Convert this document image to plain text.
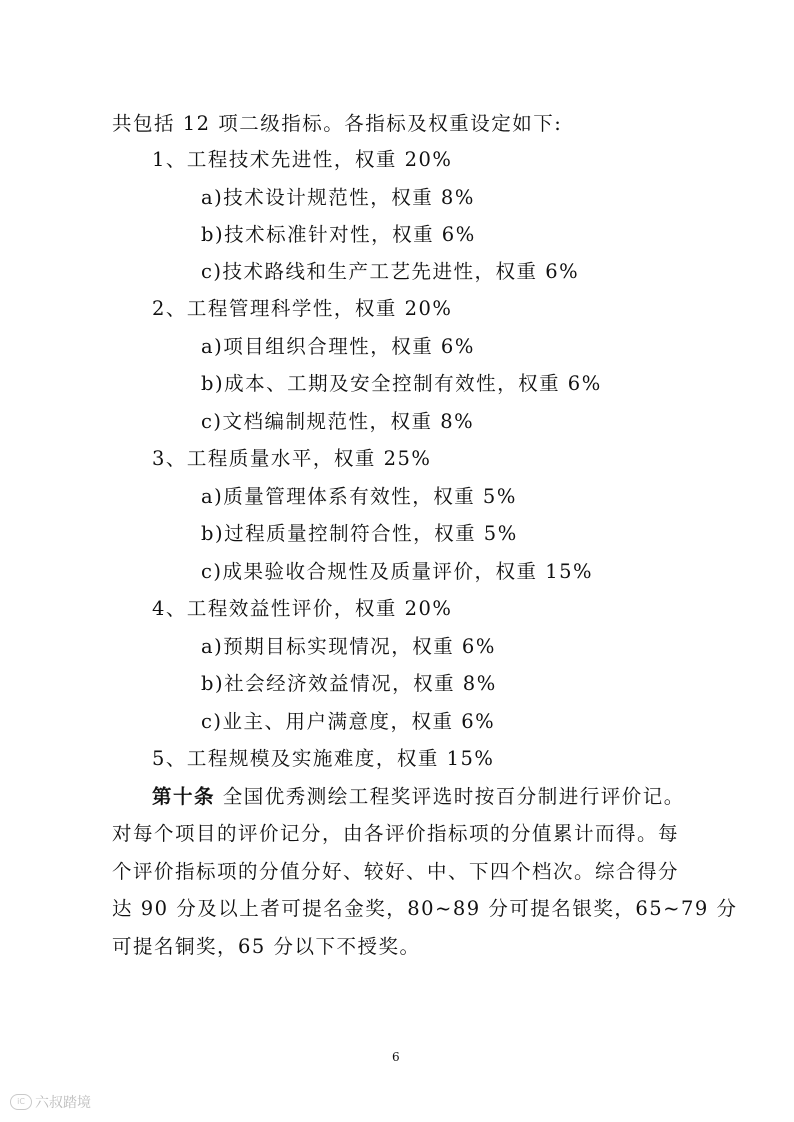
共包括 12 项二级指标。各指标及权重设定如下:
1、工程技术先进性，权重 20%
a)技术设计规范性，权重 8%
b)技术标准针对性，权重 6%
c)技术路线和生产工艺先进性，权重 6%
2、工程管理科学性，权重 20%
a)项目组织合理性，权重 6%
b)成本、工期及安全控制有效性，权重 6%
c)文档编制规范性，权重 8%
3、工程质量水平，权重 25%
a)质量管理体系有效性，权重 5%
b)过程质量控制符合性，权重 5%
c)成果验收合规性及质量评价，权重 15%
4、工程效益性评价，权重 20%
a)预期目标实现情况，权重 6%
b)社会经济效益情况，权重 8%
c)业主、用户满意度，权重 6%
5、工程规模及实施难度，权重 15%
第十条 全国优秀测绘工程奖评选时按百分制进行评价记。
对每个项目的评价记分，由各评价指标项的分值累计而得。每
个评价指标项的分值分好、较好、中、下四个档次。综合得分
达 90 分及以上者可提名金奖，80~89 分可提名银奖，65~79 分
可提名铜奖，65 分以下不授奖。
6
iC 六叔踏境
